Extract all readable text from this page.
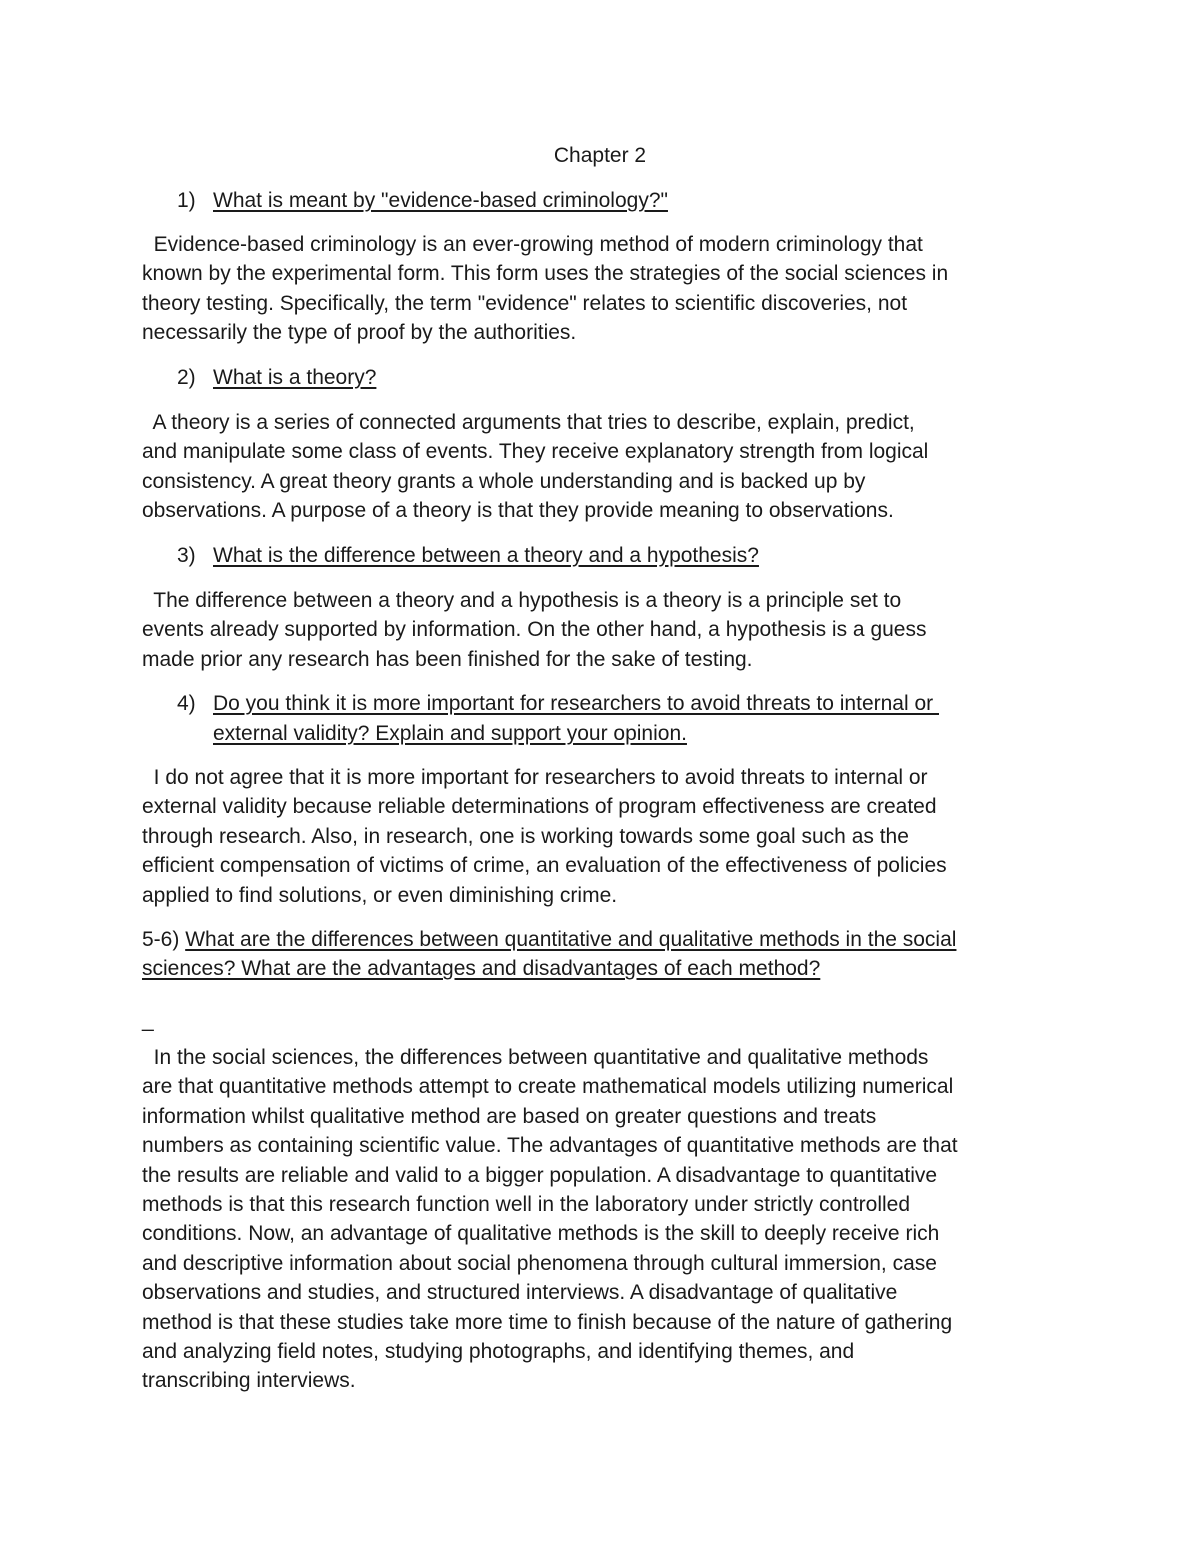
Chapter 2
1) What is meant by "evidence-based criminology?"
Evidence-based criminology is an ever-growing method of modern criminology that
known by the experimental form. This form uses the strategies of the social sciences in
theory testing. Specifically, the term "evidence" relates to scientific discoveries, not
necessarily the type of proof by the authorities.
2) What is a theory?
A theory is a series of connected arguments that tries to describe, explain, predict,
and manipulate some class of events. They receive explanatory strength from logical
consistency. A great theory grants a whole understanding and is backed up by
observations. A purpose of a theory is that they provide meaning to observations.
3) What is the difference between a theory and a hypothesis?
The difference between a theory and a hypothesis is a theory is a principle set to
events already supported by information. On the other hand, a hypothesis is a guess
made prior any research has been finished for the sake of testing.
4) Do you think it is more important for researchers to avoid threats to internal or
external validity? Explain and support your opinion.
I do not agree that it is more important for researchers to avoid threats to internal or
external validity because reliable determinations of program effectiveness are created
through research. Also, in research, one is working towards some goal such as the
efficient compensation of victims of crime, an evaluation of the effectiveness of policies
applied to find solutions, or even diminishing crime.
5-6) What are the differences between quantitative and qualitative methods in the social
sciences? What are the advantages and disadvantages of each method?
_
In the social sciences, the differences between quantitative and qualitative methods
are that quantitative methods attempt to create mathematical models utilizing numerical
information whilst qualitative method are based on greater questions and treats
numbers as containing scientific value. The advantages of quantitative methods are that
the results are reliable and valid to a bigger population. A disadvantage to quantitative
methods is that this research function well in the laboratory under strictly controlled
conditions. Now, an advantage of qualitative methods is the skill to deeply receive rich
and descriptive information about social phenomena through cultural immersion, case
observations and studies, and structured interviews. A disadvantage of qualitative
method is that these studies take more time to finish because of the nature of gathering
and analyzing field notes, studying photographs, and identifying themes, and
transcribing interviews.
